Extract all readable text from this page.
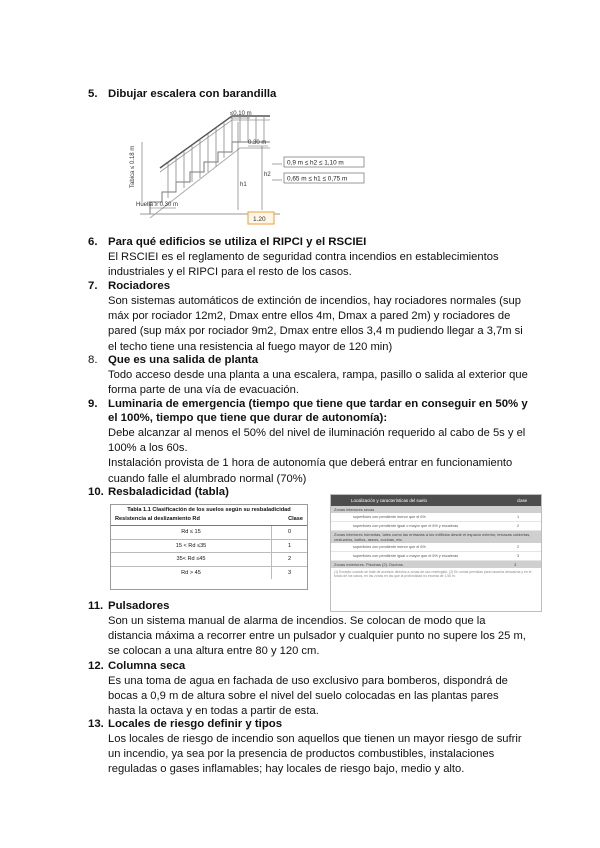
5. Dibujar escalera con barandilla
≤0.10 m
Tabica ≤ 0.18 m
0.30 m
h2
h1
Huella ≥ 0.30 m
1.20
0,9 m ≤ h2 ≤ 1,10 m
0,65 m ≤ h1 ≤ 0,75 m
6. Para qué edificios se utiliza el RIPCI y el RSCIEI

El RSCIEI es el reglamento de seguridad contra incendios en establecimientos industriales y el RIPCI para el resto de los casos.

7. Rociadores

Son sistemas automáticos de extinción de incendios, hay rociadores normales (sup máx por rociador 12m2, Dmax entre ellos 4m, Dmax a pared 2m) y rociadores de pared (sup máx por rociador 9m2, Dmax entre ellos 3,4 m pudiendo llegar a 3,7m si el techo tiene una resistencia al fuego mayor de 120 min)

8. Que es una salida de planta

Todo acceso desde una planta a una escalera, rampa, pasillo o salida al exterior que forma parte de una vía de evacuación.

9. Luminaria de emergencia (tiempo que tiene que tardar en conseguir en 50% y
el 100%, tiempo que tiene que durar de autonomía):

Debe alcanzar al menos el 50% del nivel de iluminación requerido al cabo de 5s y el 100% a los 60s.

Instalación provista de 1 hora de autonomía que deberá entrar en funcionamiento cuando falle el alumbrado normal (70%)

10. Resbaladicidad (tabla)
Tabla 1.1 Clasificación de los suelos según su resbaladicidad
Resistencia al deslizamiento Rd	Clase
Rd ≤ 15	0
15 < Rd ≤35	1
35< Rd ≤45	2
Rd > 45	3
Localización y características del suelo	clase
Zonas interiores secas
superficies con pendiente menor que el 6%	1
superficies con pendiente igual o mayor que el 6% y escaleras	2
Zonas interiores húmedas, tales como las entradas a los edificios desde el espacio exterior, terrazas cubiertas, vestuarios, baños, aseos, cocinas, etc.
superficies con pendiente menor que el 6%	2
superficies con pendiente igual o mayor que el 6% y escaleras	3
Zonas exteriores. Piscinas (2). Duchas.	3
(1) Excepto cuando se trate de accesos directos a zonas de uso restringido. (2) En zonas previstas para usuarios descalzos y en el fondo de los vasos, en las zonas en las que la profundidad no exceda de 1,50 m.
11. Pulsadores

Son un sistema manual de alarma de incendios. Se colocan de modo que la distancia máxima a recorrer entre un pulsador y cualquier punto no supere los 25 m, se colocan a una altura entre 80 y 120 cm.

12. Columna seca

Es una toma de agua en fachada de uso exclusivo para bomberos, dispondrá de bocas a 0,9 m de altura sobre el nivel del suelo colocadas en las plantas pares hasta la octava y en todas a partir de esta.

13. Locales de riesgo definir y tipos

Los locales de riesgo de incendio son aquellos que tienen un mayor riesgo de sufrir un incendio, ya sea por la presencia de productos combustibles, instalaciones reguladas o gases inflamables; hay locales de riesgo bajo, medio y alto.
